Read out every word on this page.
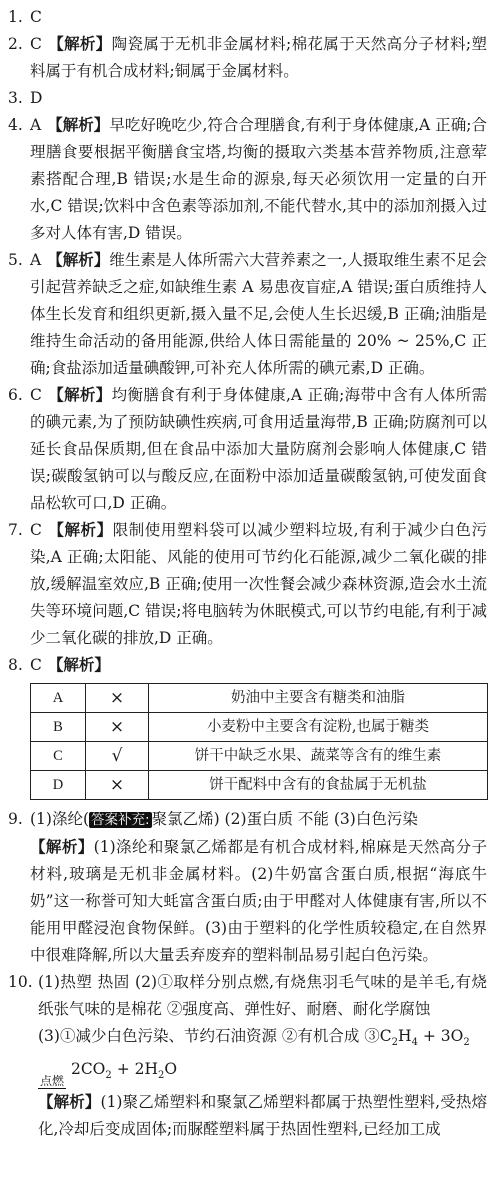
1. C
2. C 【解析】陶瓷属于无机非金属材料;棉花属于天然高分子材料;塑料属于有机合成材料;铜属于金属材料。
3. D
4. A 【解析】早吃好晚吃少,符合合理膳食,有利于身体健康,A 正确;合理膳食要根据平衡膳食宝塔,均衡的摄取六类基本营养物质,注意荤素搭配合理,B 错误;水是生命的源泉,每天必须饮用一定量的白开水,C 错误;饮料中含色素等添加剂,不能代替水,其中的添加剂摄入过多对人体有害,D 错误。
5. A 【解析】维生素是人体所需六大营养素之一,人摄取维生素不足会引起营养缺乏之症,如缺维生素 A 易患夜盲症,A 错误;蛋白质维持人体生长发育和组织更新,摄入量不足,会使人生长迟缓,B 正确;油脂是维持生命活动的备用能源,供给人体日需能量的 20% ~ 25%,C 正确;食盐添加适量碘酸钾,可补充人体所需的碘元素,D 正确。
6. C 【解析】均衡膳食有利于身体健康,A 正确;海带中含有人体所需的碘元素,为了预防缺碘性疾病,可食用适量海带,B 正确;防腐剂可以延长食品保质期,但在食品中添加大量防腐剂会影响人体健康,C 错误;碳酸氢钠可以与酸反应,在面粉中添加适量碳酸氢钠,可使发面食品松软可口,D 正确。
7. C 【解析】限制使用塑料袋可以减少塑料垃圾,有利于减少白色污染,A 正确;太阳能、风能的使用可节约化石能源,减少二氧化碳的排放,缓解温室效应,B 正确;使用一次性餐会减少森林资源,造会水土流失等环境问题,C 错误;将电脑转为休眠模式,可以节约电能,有利于减少二氧化碳的排放,D 正确。
8. C 【解析】
A	×	奶油中主要含有糖类和油脂
B	×	小麦粉中主要含有淀粉,也属于糖类
C	√	饼干中缺乏水果、蔬菜等含有的维生素
D	×	饼干配料中含有的食盐属于无机盐
9. (1)涤纶( 答案补充: 聚氯乙烯) (2)蛋白质 不能 (3)白色污染
【解析】(1)涤纶和聚氯乙烯都是有机合成材料,棉麻是天然高分子材料,玻璃是无机非金属材料。(2)牛奶富含蛋白质,根据“海底牛奶”这一称誉可知大蚝富含蛋白质;由于甲醛对人体健康有害,所以不能用甲醛浸泡食物保鲜。(3)由于塑料的化学性质较稳定,在自然界中很难降解,所以大量丢弃废弃的塑料制品易引起白色污染。
10. (1)热塑 热固 (2)①取样分别点燃,有烧焦羽毛气味的是羊毛,有烧纸张气味的是棉花 ②强度高、弹性好、耐磨、耐化学腐蚀
(3)①减少白色污染、节约石油资源 ②有机合成 $③C_2H_4 + 3O_2$

点燃
$2CO_2 + 2H_2O$
【解析】(1)聚乙烯塑料和聚氯乙烯塑料都属于热塑性塑料,受热熔化,冷却后变成固体;而脲醛塑料属于热固性塑料,已经加工成
